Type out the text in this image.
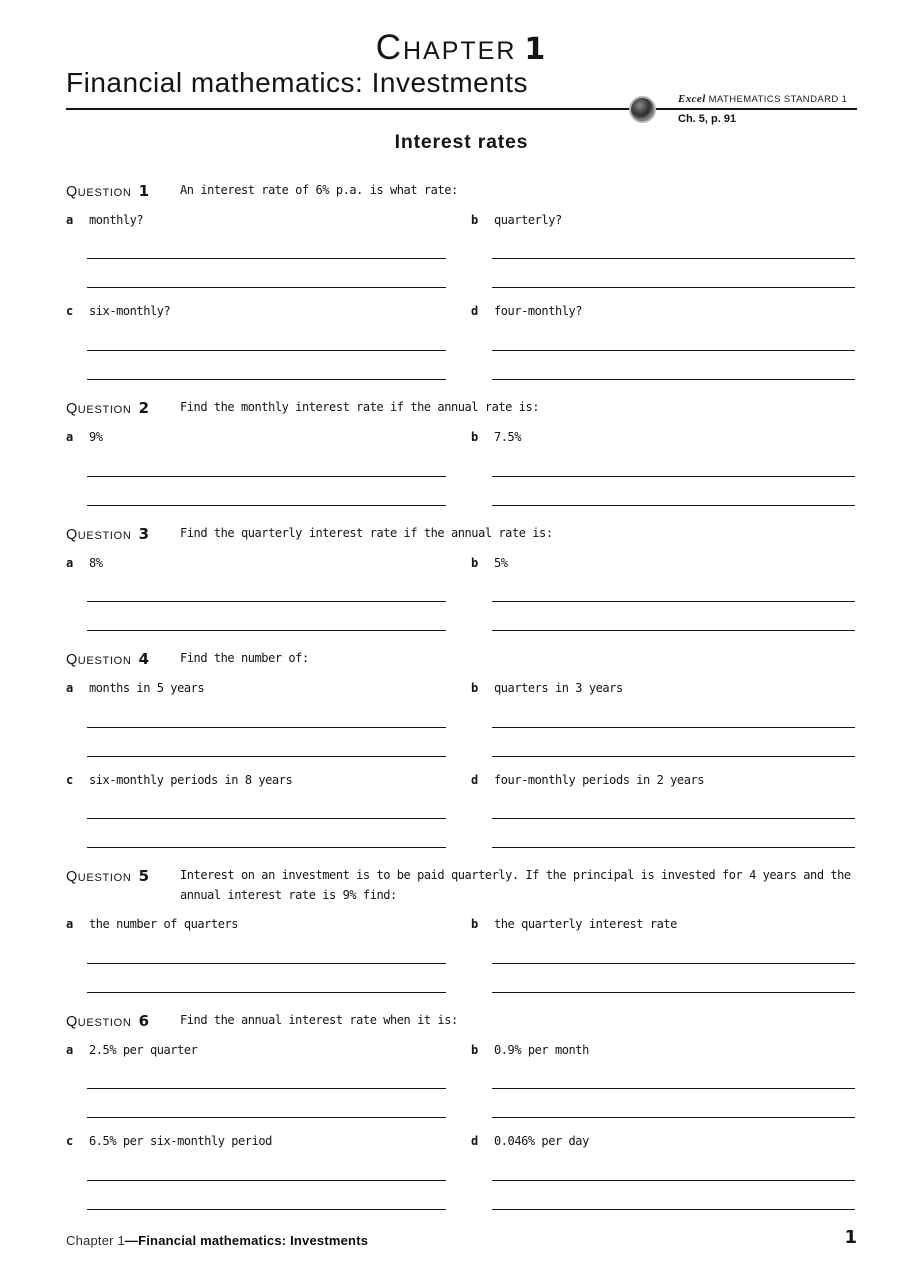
CHAPTER 1
Financial mathematics: Investments
Excel MATHEMATICS STANDARD 1
Ch. 5, p. 91
Interest rates
QUESTION 1	An interest rate of 6% p.a. is what rate:
a	monthly?	b	quarterly?
c	six-monthly?	d	four-monthly?
QUESTION 2	Find the monthly interest rate if the annual rate is:
a	9%	b	7.5%
QUESTION 3	Find the quarterly interest rate if the annual rate is:
a	8%	b	5%
QUESTION 4	Find the number of:
a	months in 5 years	b	quarters in 3 years
c	six-monthly periods in 8 years	d	four-monthly periods in 2 years
QUESTION 5	Interest on an investment is to be paid quarterly. If the principal is invested for 4 years and the annual interest rate is 9% find:
a	the number of quarters	b	the quarterly interest rate
QUESTION 6	Find the annual interest rate when it is:
a	2.5% per quarter	b	0.9% per month
c	6.5% per six-monthly period	d	0.046% per day
Chapter 1—Financial mathematics: Investments	1
